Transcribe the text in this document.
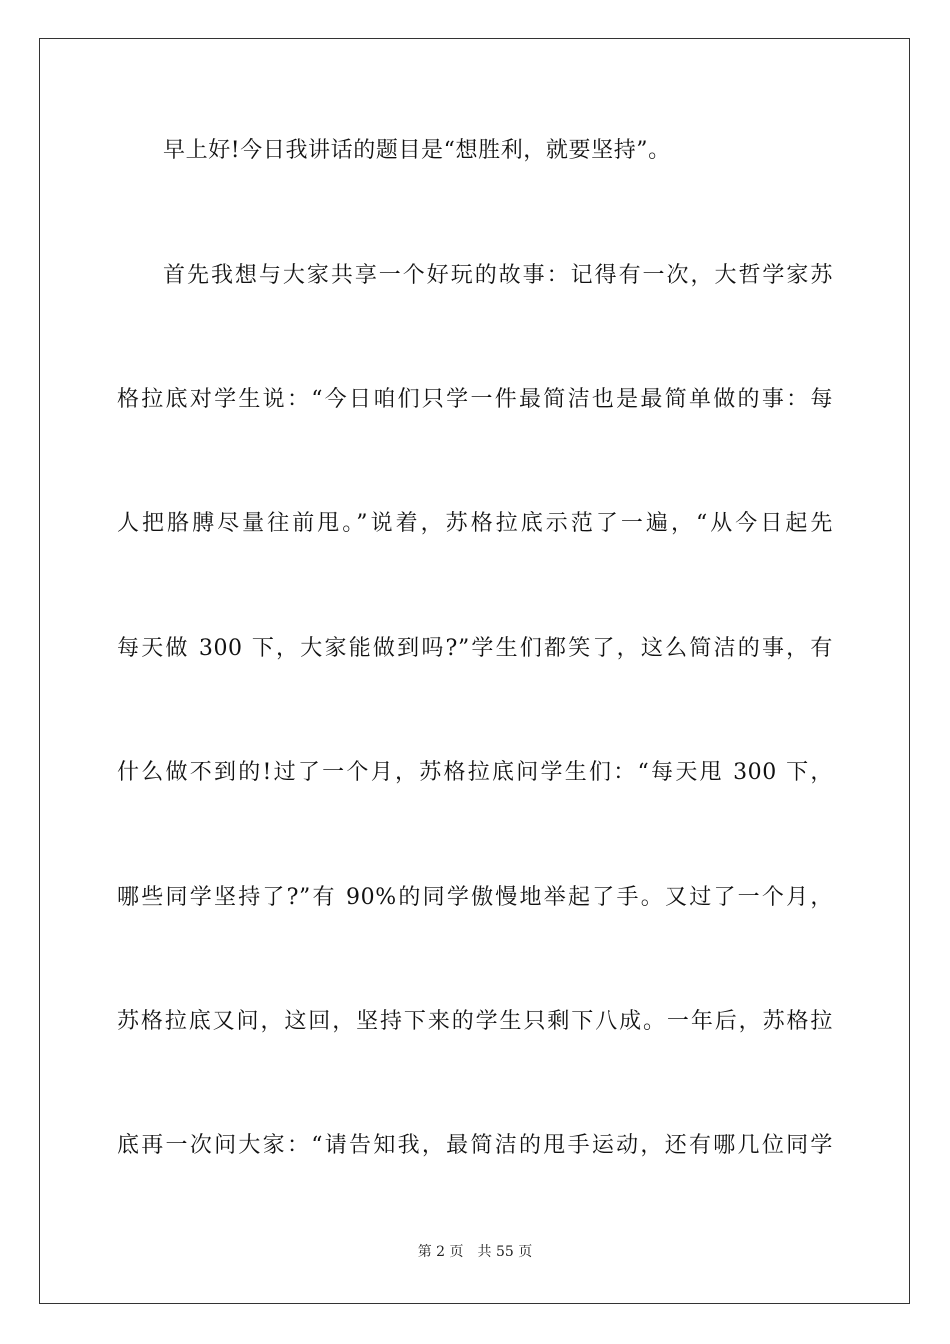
早上好!今日我讲话的题目是“想胜利，就要坚持”。
首先我想与大家共享一个好玩的故事：记得有一次，大哲学家苏
格拉底对学生说：“今日咱们只学一件最简洁也是最简单做的事：每
人把胳膊尽量往前甩。”说着，苏格拉底示范了一遍，“从今日起先
每天做 300 下，大家能做到吗?”学生们都笑了，这么简洁的事，有
什么做不到的!过了一个月，苏格拉底问学生们：“每天甩 300 下，
哪些同学坚持了?”有 90%的同学傲慢地举起了手。又过了一个月，
苏格拉底又问，这回，坚持下来的学生只剩下八成。一年后，苏格拉
底再一次问大家：“请告知我，最简洁的甩手运动，还有哪几位同学
第 2 页 共 55 页
